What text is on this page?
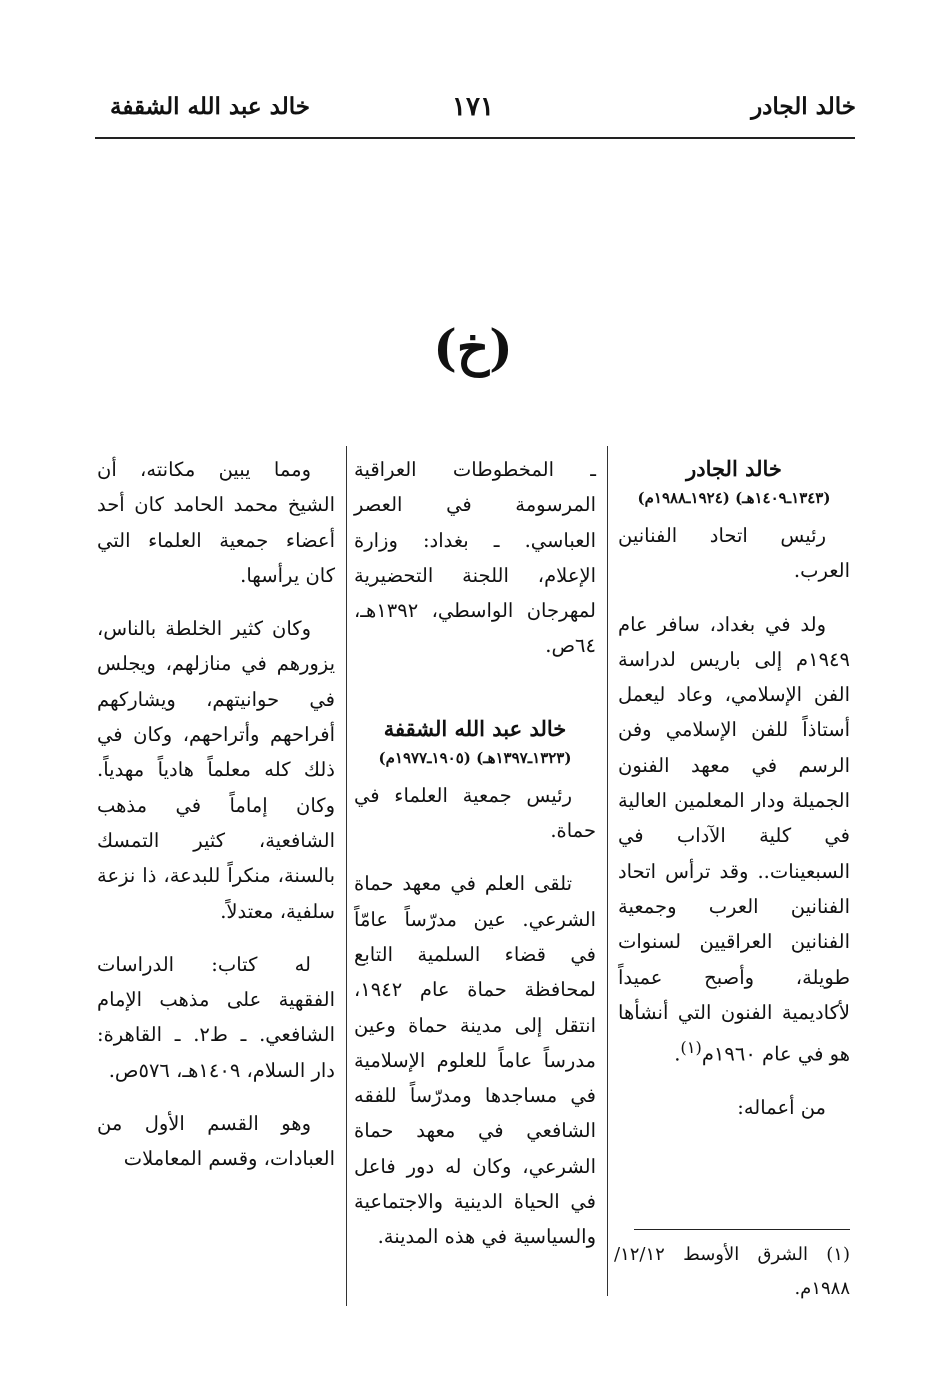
خالد الجادر
١٧١
خالد عبد الله الشقفة
(خ)
خالد الجادر
(١٣٤٣ـ١٤٠٩هـ) (١٩٢٤ـ١٩٨٨م)

رئيس اتحاد الفنانين العرب.

ولد في بغداد، سافر عام ١٩٤٩م إلى باريس لدراسة الفن الإسلامي، وعاد ليعمل أستاذاً للفن الإسلامي وفن الرسم في معهد الفنون الجميلة ودار المعلمين العالية في كلية الآداب في السبعينات.. وقد ترأس اتحاد الفنانين العرب وجمعية الفنانين العراقيين لسنوات طويلة، وأصبح عميداً لأكاديمية الفنون التي أنشأها هو في عام ١٩٦٠م$^{(١)}$.

من أعماله:

ـ المخطوطات العراقية المرسومة في العصر العباسي. ـ بغداد: وزارة الإعلام، اللجنة التحضيرية لمهرجان الواسطي، ١٣٩٢هـ، ٦٤ص.

خالد عبد الله الشقفة
(١٣٢٣ـ١٣٩٧هـ) (١٩٠٥ـ١٩٧٧م)

رئيس جمعية العلماء في حماة.

تلقى العلم في معهد حماة الشرعي. عين مدرّساً عامّاً في قضاء السلمية التابع لمحافظة حماة عام ١٩٤٢، انتقل إلى مدينة حماة وعين مدرساً عاماً للعلوم الإسلامية في مساجدها ومدرّساً للفقه الشافعي في معهد حماة الشرعي، وكان له دور فاعل في الحياة الدينية والاجتماعية والسياسية في هذه المدينة.

ومما يبين مكانته، أن الشيخ محمد الحامد كان أحد أعضاء جمعية العلماء التي كان يرأسها.

وكان كثير الخلطة بالناس، يزورهم في منازلهم، ويجلس في حوانيتهم، ويشاركهم أفراحهم وأتراحهم، وكان في ذلك كله معلماً هادياً مهدياً. وكان إماماً في مذهب الشافعية، كثير التمسك بالسنة، منكراً للبدعة، ذا نزعة سلفية، معتدلاً.

له كتاب: الدراسات الفقهية على مذهب الإمام الشافعي. ـ ط٢. ـ القاهرة: دار السلام، ١٤٠٩هـ، ٥٧٦ص.

وهو القسم الأول من العبادات، وقسم المعاملات

(١) الشرق الأوسط ١٢/١٢/ ١٩٨٨م.
